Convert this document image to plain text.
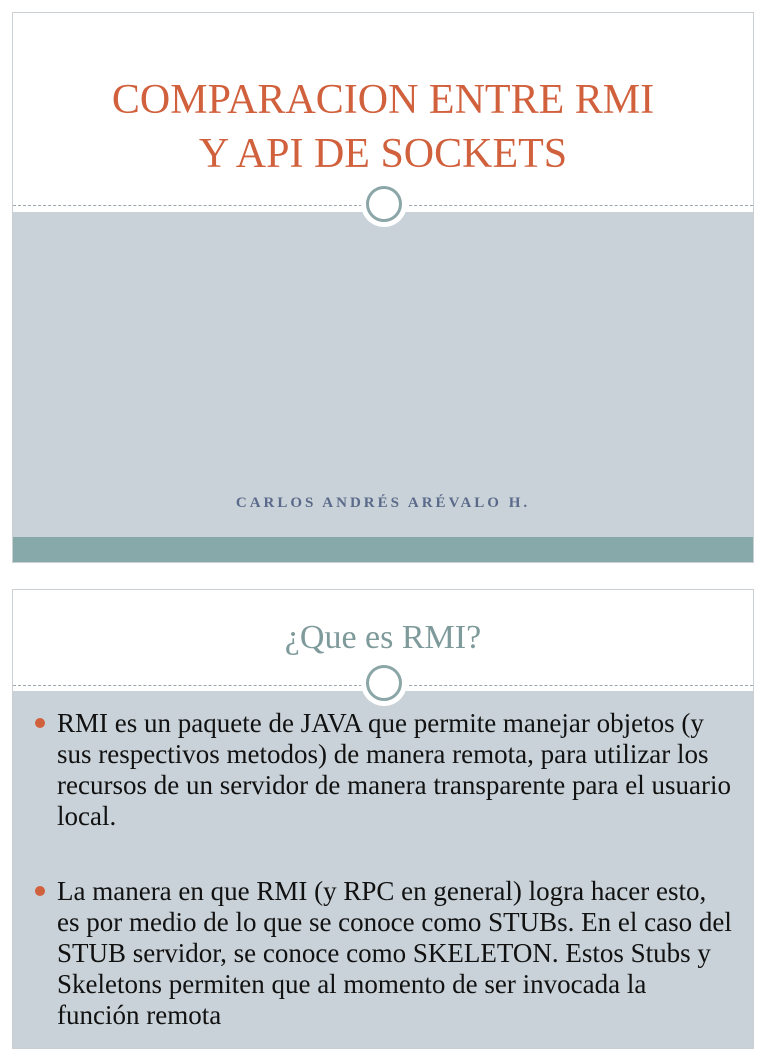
COMPARACION ENTRE RMI
Y API DE SOCKETS
CARLOS ANDRÉS ARÉVALO H.
¿Que es RMI?
RMI es un paquete de JAVA que permite manejar objetos (y sus respectivos metodos) de manera remota, para utilizar los recursos de un servidor de manera transparente para el usuario local.
La manera en que RMI (y RPC en general) logra hacer esto, es por medio de lo que se conoce como STUBs. En el caso del STUB servidor, se conoce como SKELETON. Estos Stubs y Skeletons permiten que al momento de ser invocada la función remota
